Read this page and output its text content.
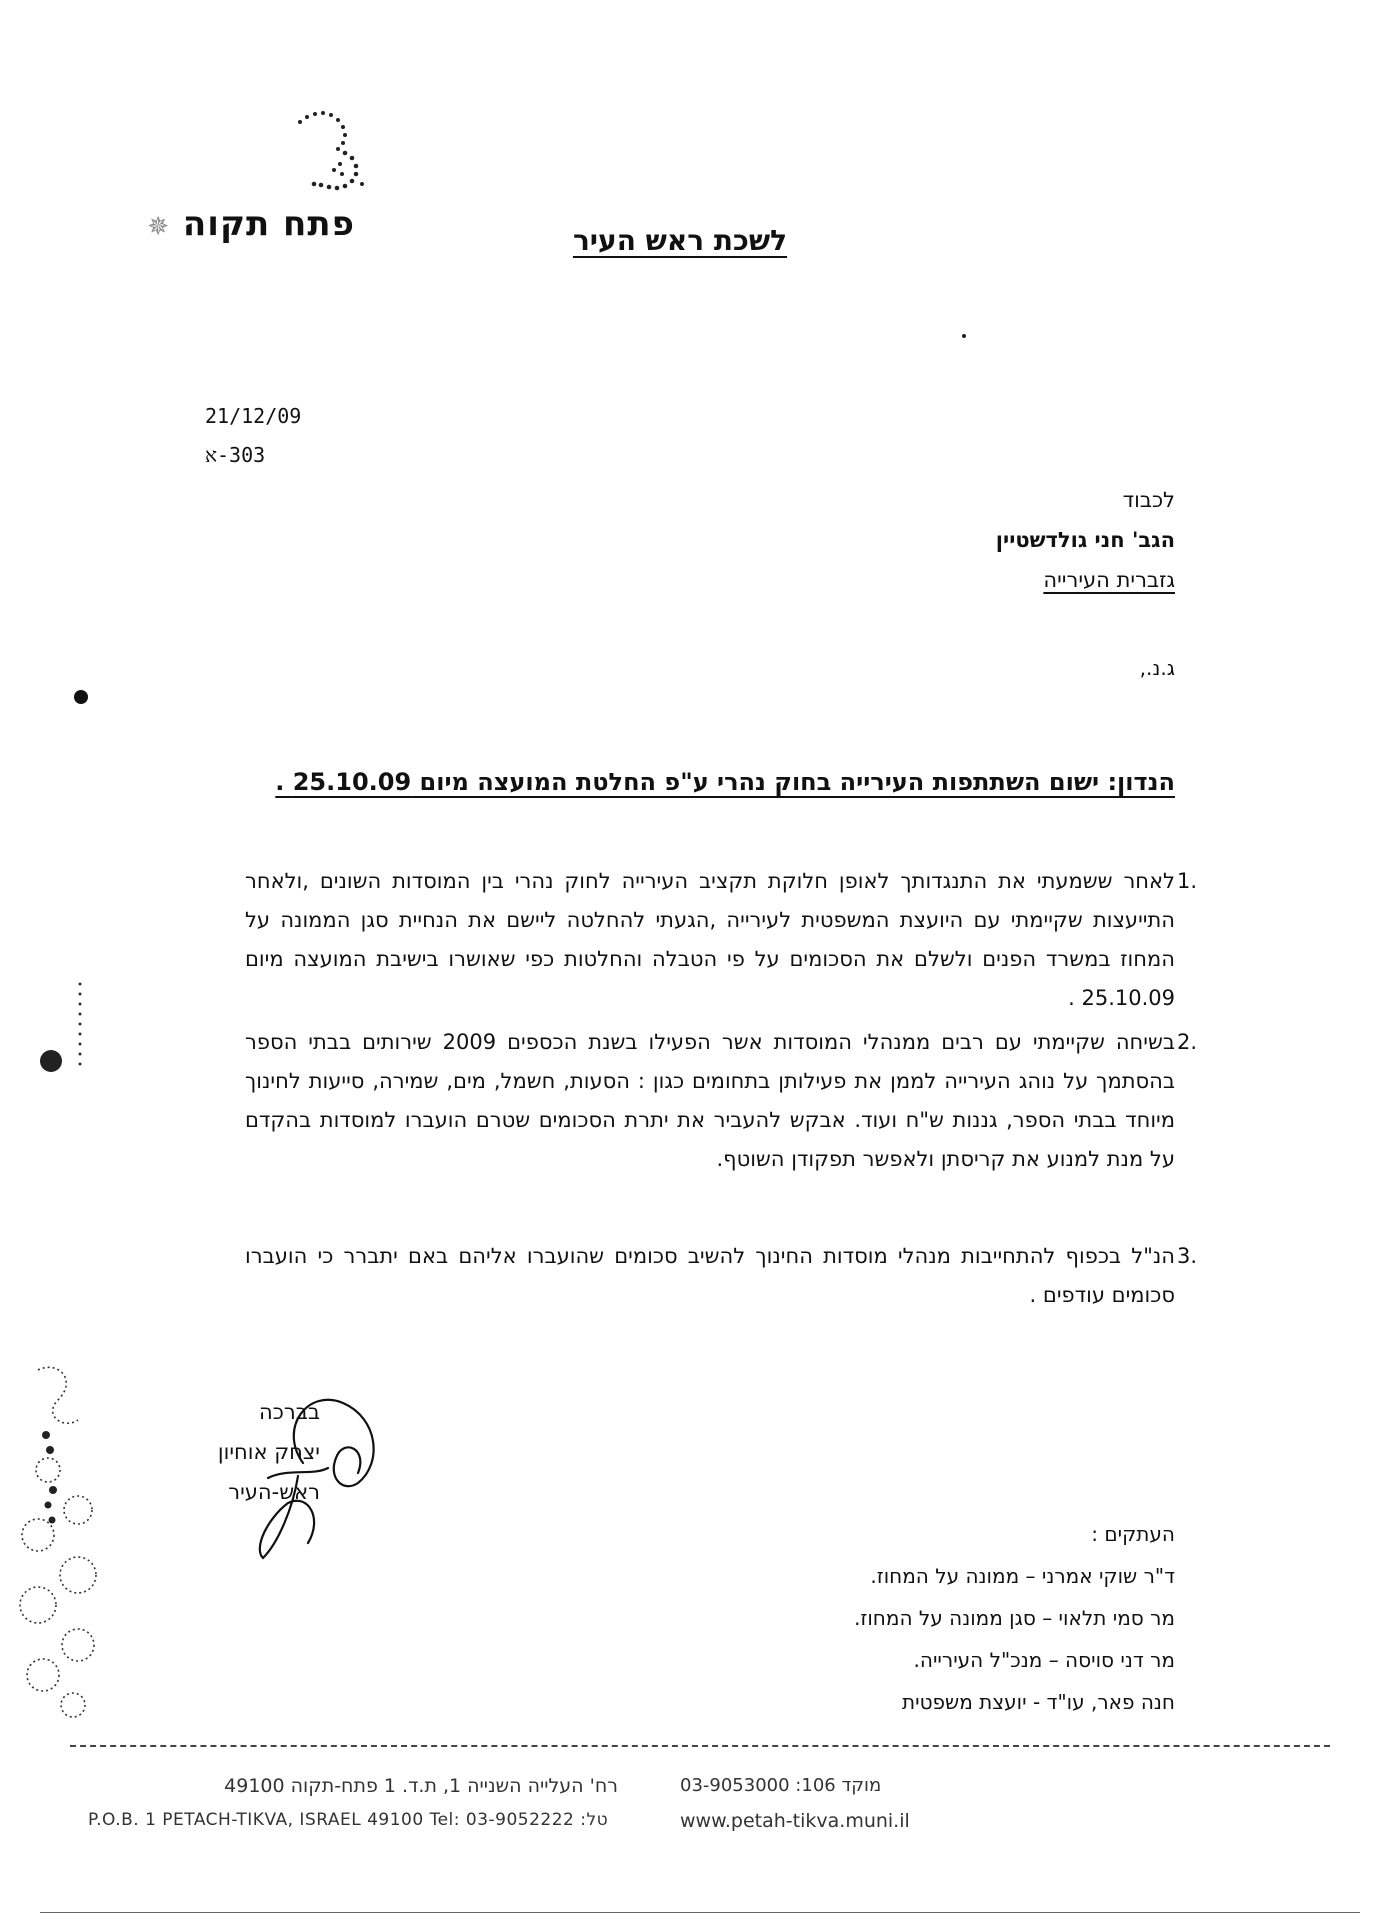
פתח תקוה ✵	לשכת ראש העיר
21/12/09
303-א
לכבוד
הגב' חני גולדשטיין
גזברית העירייה
ג.נ.,
הנדון: ישום השתתפות העירייה בחוק נהרי ע"פ החלטת המועצה מיום 25.10.09 .
.1
לאחר ששמעתי את התנגדותך לאופן חלוקת תקציב העירייה לחוק נהרי בין המוסדות השונים ,ולאחר התייעצות שקיימתי עם היועצת המשפטית לעירייה ,הגעתי להחלטה ליישם את הנחיית סגן הממונה על המחוז במשרד הפנים ולשלם את הסכומים על פי הטבלה והחלטות כפי שאושרו בישיבת המועצה מיום 25.10.09 .
.2
בשיחה שקיימתי עם רבים ממנהלי המוסדות אשר הפעילו בשנת הכספים 2009 שירותים בבתי הספר בהסתמך על נוהג העירייה לממן את פעילותן בתחומים כגון : הסעות, חשמל, מים, שמירה, סייעות לחינוך מיוחד בבתי הספר, גננות ש"ח ועוד. אבקש להעביר את יתרת הסכומים שטרם הועברו למוסדות בהקדם על מנת למנוע את קריסתן ולאפשר תפקודן השוטף.
.3
הנ"ל בכפוף להתחייבות מנהלי מוסדות החינוך להשיב סכומים שהועברו אליהם באם יתברר כי הועברו סכומים עודפים .
בברכה
יצחק אוחיון
ראש-העיר
העתקים :
ד"ר שוקי אמרני – ממונה על המחוז.
מר סמי תלאוי – סגן ממונה על המחוז.
מר דני סויסה – מנכ"ל העירייה.
חנה פאר, עו"ד - יועצת משפטית
רח' העלייה השנייה 1, ת.ד. 1 פתח-תקוה 49100
P.O.B. 1 PETACH-TIKVA, ISRAEL 49100 Tel: 03-9052222 :טל
מוקד 106: 03-9053000
www.petah-tikva.muni.il
